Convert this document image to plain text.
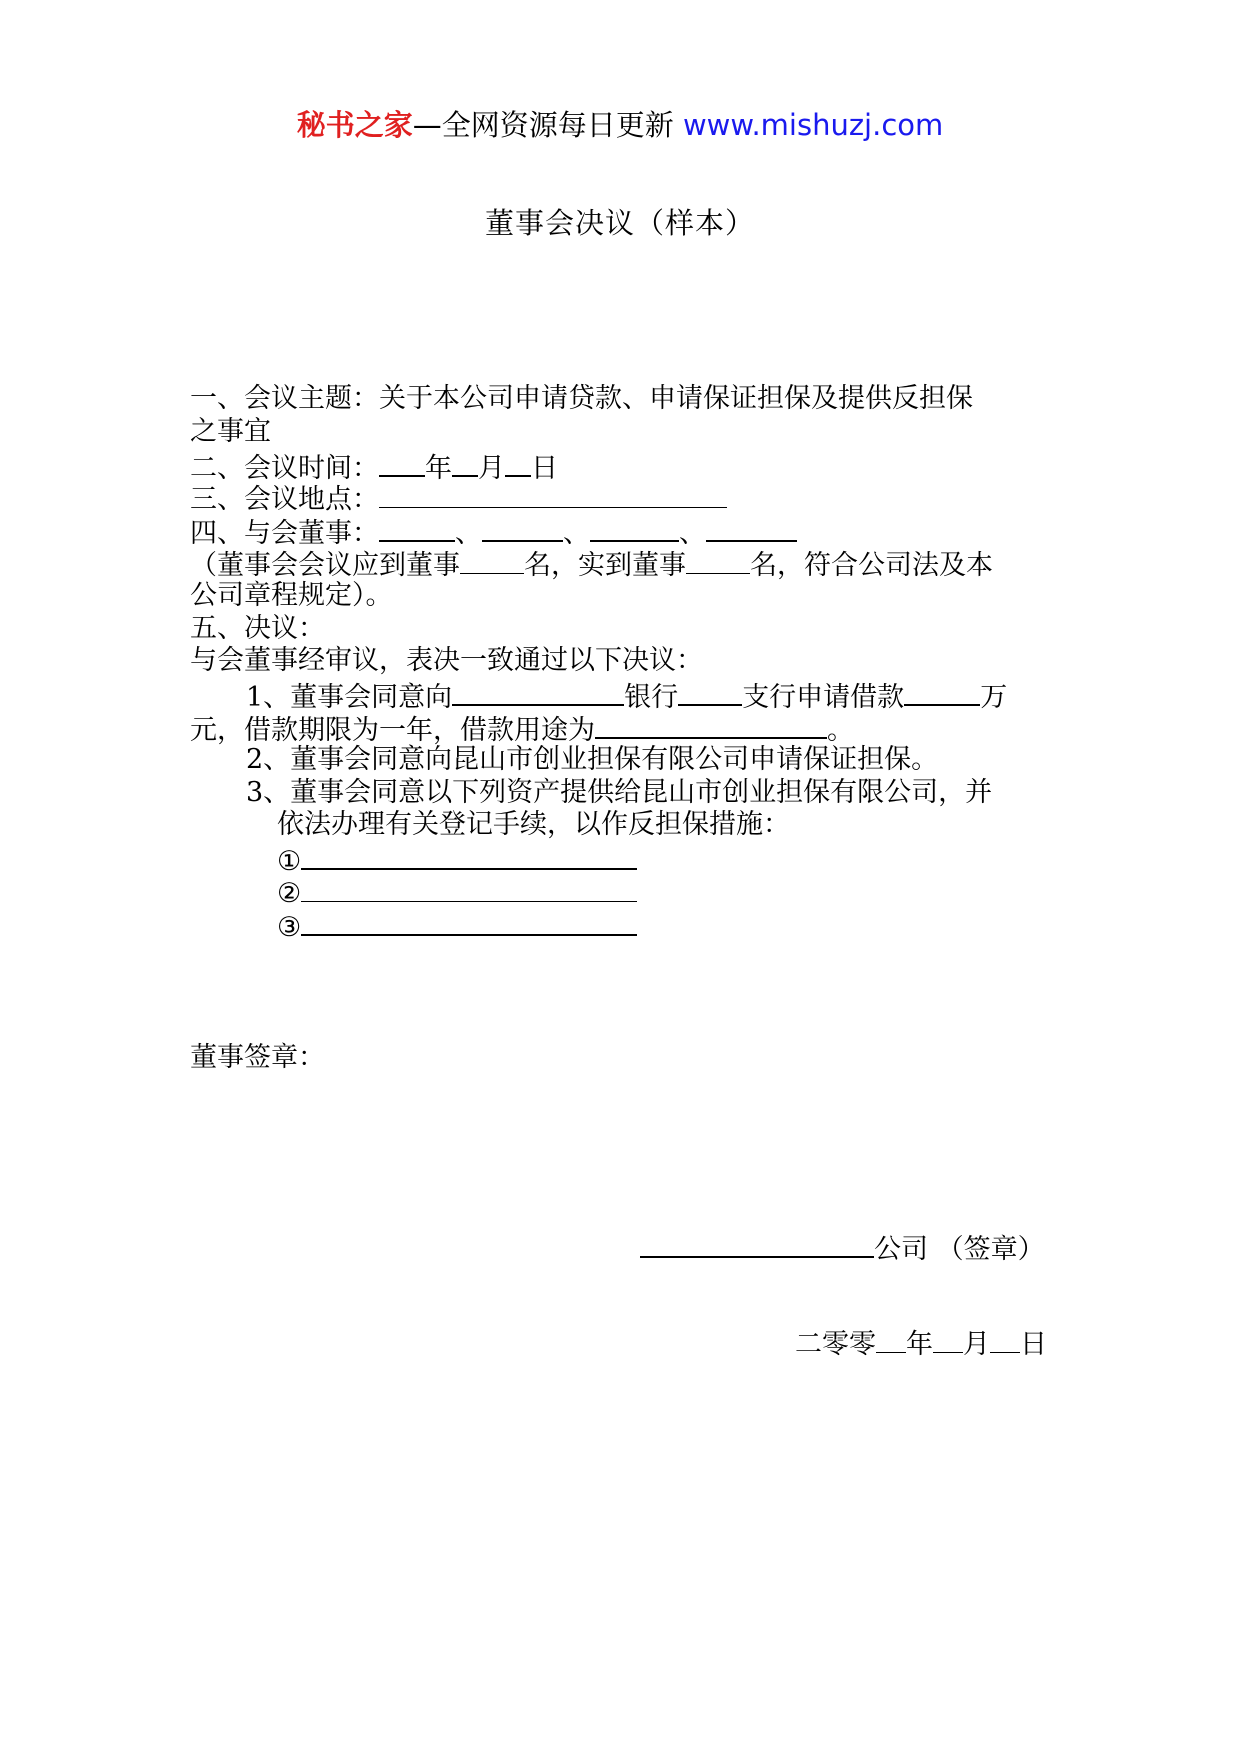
秘书之家—全网资源每日更新 www.mishuzj.com
董事会决议（样本）
一、会议主题：关于本公司申请贷款、申请保证担保及提供反担保
之事宜
二、会议时间： 年 月 日
三、会议地点：
四、与会董事：	、	、	、
（董事会会议应到董事 名，实到董事 名，符合公司法及本
公司章程规定）。
五、决议：
与会董事经审议，表决一致通过以下决议：
1、董事会同意向	银行 支行申请借款	万
元，借款期限为一年，借款用途为	。
2、董事会同意向昆山市创业担保有限公司申请保证担保。
3、董事会同意以下列资产提供给昆山市创业担保有限公司，并
依法办理有关登记手续，以作反担保措施：
①
②
③
董事签章：
公司 （签章）
二零零 年 月 日
